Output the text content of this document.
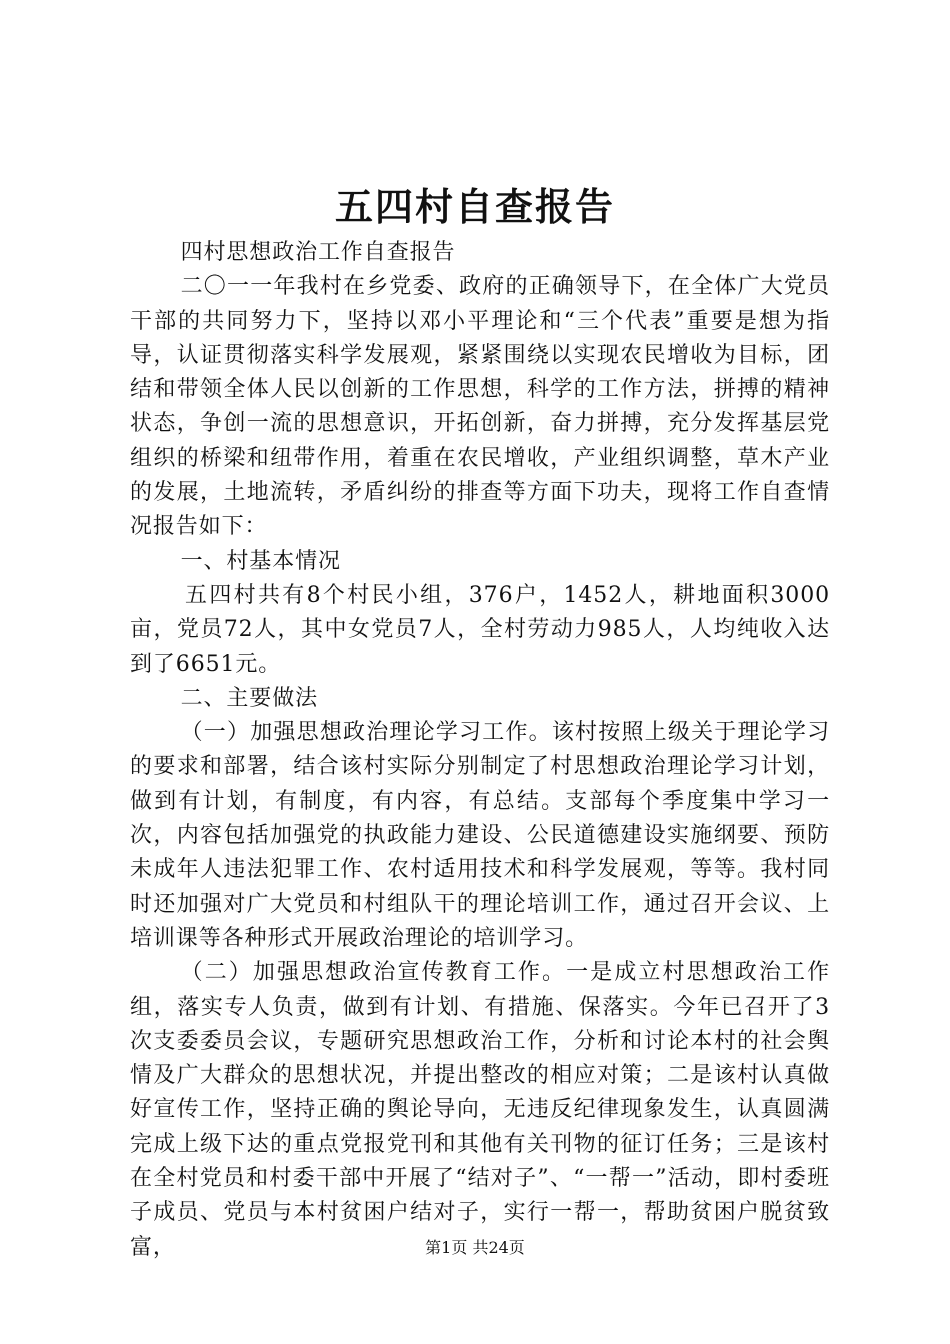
五四村自查报告

四村思想政治工作自查报告

二〇一一年我村在乡党委、政府的正确领导下，在全体广大党员干部的共同努力下，坚持以邓小平理论和“三个代表”重要是想为指导，认证贯彻落实科学发展观，紧紧围绕以实现农民增收为目标，团结和带领全体人民以创新的工作思想，科学的工作方法，拼搏的精神状态，争创一流的思想意识，开拓创新，奋力拼搏，充分发挥基层党组织的桥梁和纽带作用，着重在农民增收，产业组织调整，草木产业的发展，土地流转，矛盾纠纷的排查等方面下功夫，现将工作自查情况报告如下：

一、村基本情况

五四村共有8个村民小组，376户，1452人，耕地面积3000亩，党员72人，其中女党员7人，全村劳动力985人，人均纯收入达到了6651元。

二、主要做法

（一）加强思想政治理论学习工作。该村按照上级关于理论学习的要求和部署，结合该村实际分别制定了村思想政治理论学习计划，做到有计划，有制度，有内容，有总结。支部每个季度集中学习一次，内容包括加强党的执政能力建设、公民道德建设实施纲要、预防未成年人违法犯罪工作、农村适用技术和科学发展观，等等。我村同时还加强对广大党员和村组队干的理论培训工作，通过召开会议、上培训课等各种形式开展政治理论的培训学习。

（二）加强思想政治宣传教育工作。一是成立村思想政治工作组，落实专人负责，做到有计划、有措施、保落实。今年已召开了3次支委委员会议，专题研究思想政治工作，分析和讨论本村的社会舆情及广大群众的思想状况，并提出整改的相应对策；二是该村认真做好宣传工作，坚持正确的舆论导向，无违反纪律现象发生，认真圆满完成上级下达的重点党报党刊和其他有关刊物的征订任务；三是该村在全村党员和村委干部中开展了“结对子”、“一帮一”活动，即村委班子成员、党员与本村贫困户结对子，实行一帮一，帮助贫困户脱贫致富，	第1页 共24页
